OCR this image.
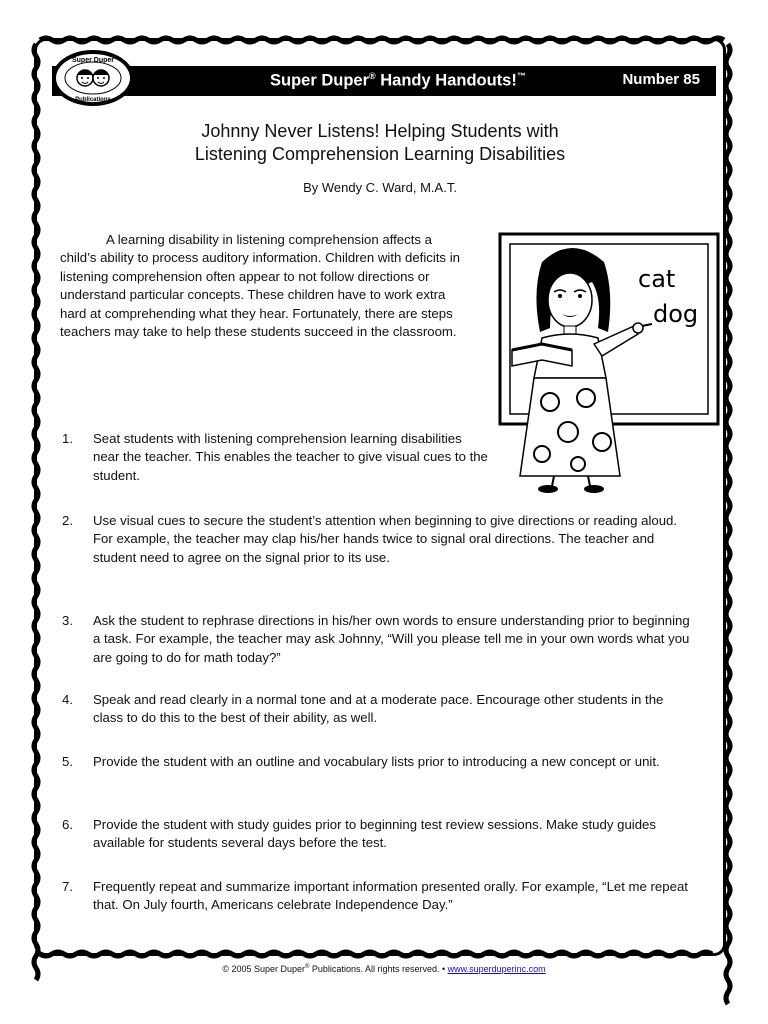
Super Duper® Handy Handouts!™	Number 85
Super Duper
Publications
Johnny Never Listens! Helping Students with
Listening Comprehension Learning Disabilities
By Wendy C. Ward, M.A.T.

A learning disability in listening comprehension affects a child’s ability to process auditory information. Children with deficits in listening comprehension often appear to not follow directions or understand particular concepts. These children have to work extra hard at comprehending what they hear. Fortunately, there are steps teachers may take to help these students succeed in the classroom.

cat
dog
1.	Seat students with listening comprehension learning disabilities near the teacher. This enables the teacher to give visual cues to the student.
2.	Use visual cues to secure the student’s attention when beginning to give directions or reading aloud. For example, the teacher may clap his/her hands twice to signal oral directions. The teacher and student need to agree on the signal prior to its use.
3.	Ask the student to rephrase directions in his/her own words to ensure understanding prior to beginning a task. For example, the teacher may ask Johnny, “Will you please tell me in your own words what you are going to do for math today?”
4.	Speak and read clearly in a normal tone and at a moderate pace. Encourage other students in the class to do this to the best of their ability, as well.
5.	Provide the student with an outline and vocabulary lists prior to introducing a new concept or unit.
6.	Provide the student with study guides prior to beginning test review sessions. Make study guides available for students several days before the test.
7.	Frequently repeat and summarize important information presented orally. For example, “Let me repeat that. On July fourth, Americans celebrate Independence Day.”
© 2005 Super Duper® Publications. All rights reserved. • www.superduperinc.com
